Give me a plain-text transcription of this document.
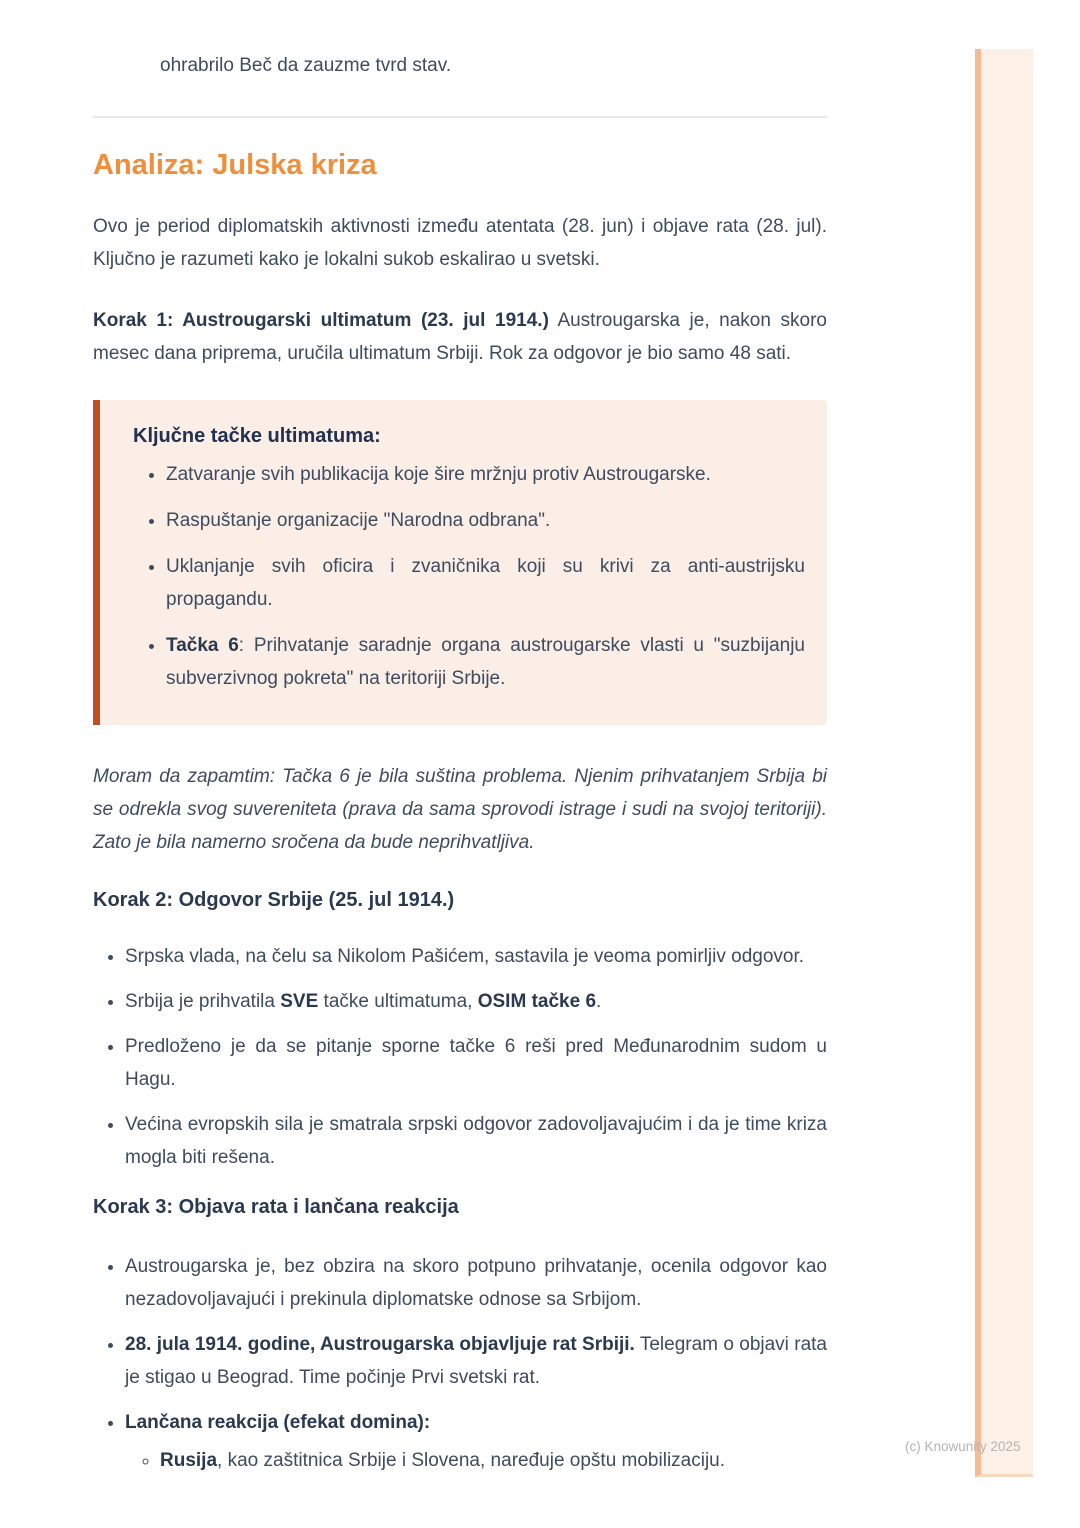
ohrabrilo Beč da zauzme tvrd stav.

Analiza: Julska kriza

Ovo je period diplomatskih aktivnosti između atentata (28. jun) i objave rata (28. jul). Ključno je razumeti kako je lokalni sukob eskalirao u svetski.

Korak 1: Austrougarski ultimatum (23. jul 1914.) Austrougarska je, nakon skoro mesec dana priprema, uručila ultimatum Srbiji. Rok za odgovor je bio samo 48 sati.

Ključne tačke ultimatuma:

• Zatvaranje svih publikacija koje šire mržnju protiv Austrougarske.
• Raspuštanje organizacije "Narodna odbrana".
• Uklanjanje svih oficira i zvaničnika koji su krivi za anti-austrijsku propagandu.
• Tačka 6: Prihvatanje saradnje organa austrougarske vlasti u "suzbijanju subverzivnog pokreta" na teritoriji Srbije.

Moram da zapamtim: Tačka 6 je bila suština problema. Njenim prihvatanjem Srbija bi se odrekla svog suvereniteta (prava da sama sprovodi istrage i sudi na svojoj teritoriji). Zato je bila namerno sročena da bude neprihvatljiva.

Korak 2: Odgovor Srbije (25. jul 1914.)

• Srpska vlada, na čelu sa Nikolom Pašićem, sastavila je veoma pomirljiv odgovor.
• Srbija je prihvatila SVE tačke ultimatuma, OSIM tačke 6.
• Predloženo je da se pitanje sporne tačke 6 reši pred Međunarodnim sudom u Hagu.
• Većina evropskih sila je smatrala srpski odgovor zadovoljavajućim i da je time kriza mogla biti rešena.

Korak 3: Objava rata i lančana reakcija

• Austrougarska je, bez obzira na skoro potpuno prihvatanje, ocenila odgovor kao nezadovoljavajući i prekinula diplomatske odnose sa Srbijom.
• 28. jula 1914. godine, Austrougarska objavljuje rat Srbiji. Telegram o objavi rata je stigao u Beograd. Time počinje Prvi svetski rat.
• Lančana reakcija (efekat domina):
◦ Rusija, kao zaštitnica Srbije i Slovena, naređuje opštu mobilizaciju.
(c) Knowunity 2025
